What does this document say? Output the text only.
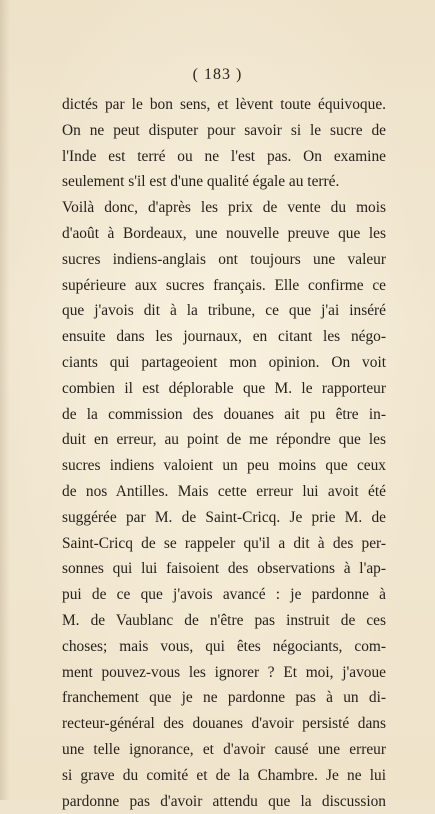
( 183 )
dictés par le bon sens, et lèvent toute équivoque.
On ne peut disputer pour savoir si le sucre de
l'Inde est terré ou ne l'est pas. On examine
seulement s'il est d'une qualité égale au terré.
Voilà donc, d'après les prix de vente du mois
d'août à Bordeaux, une nouvelle preuve que les
sucres indiens-anglais ont toujours une valeur
supérieure aux sucres français. Elle confirme ce
que j'avois dit à la tribune, ce que j'ai inséré
ensuite dans les journaux, en citant les négo-
ciants qui partageoient mon opinion. On voit
combien il est déplorable que M. le rapporteur
de la commission des douanes ait pu être in-
duit en erreur, au point de me répondre que les
sucres indiens valoient un peu moins que ceux
de nos Antilles. Mais cette erreur lui avoit été
suggérée par M. de Saint-Cricq. Je prie M. de
Saint-Cricq de se rappeler qu'il a dit à des per-
sonnes qui lui faisoient des observations à l'ap-
pui de ce que j'avois avancé : je pardonne à
M. de Vaublanc de n'être pas instruit de ces
choses; mais vous, qui êtes négociants, com-
ment pouvez-vous les ignorer ? Et moi, j'avoue
franchement que je ne pardonne pas à un di-
recteur-général des douanes d'avoir persisté dans
une telle ignorance, et d'avoir causé une erreur
si grave du comité et de la Chambre. Je ne lui
pardonne pas d'avoir attendu que la discussion
